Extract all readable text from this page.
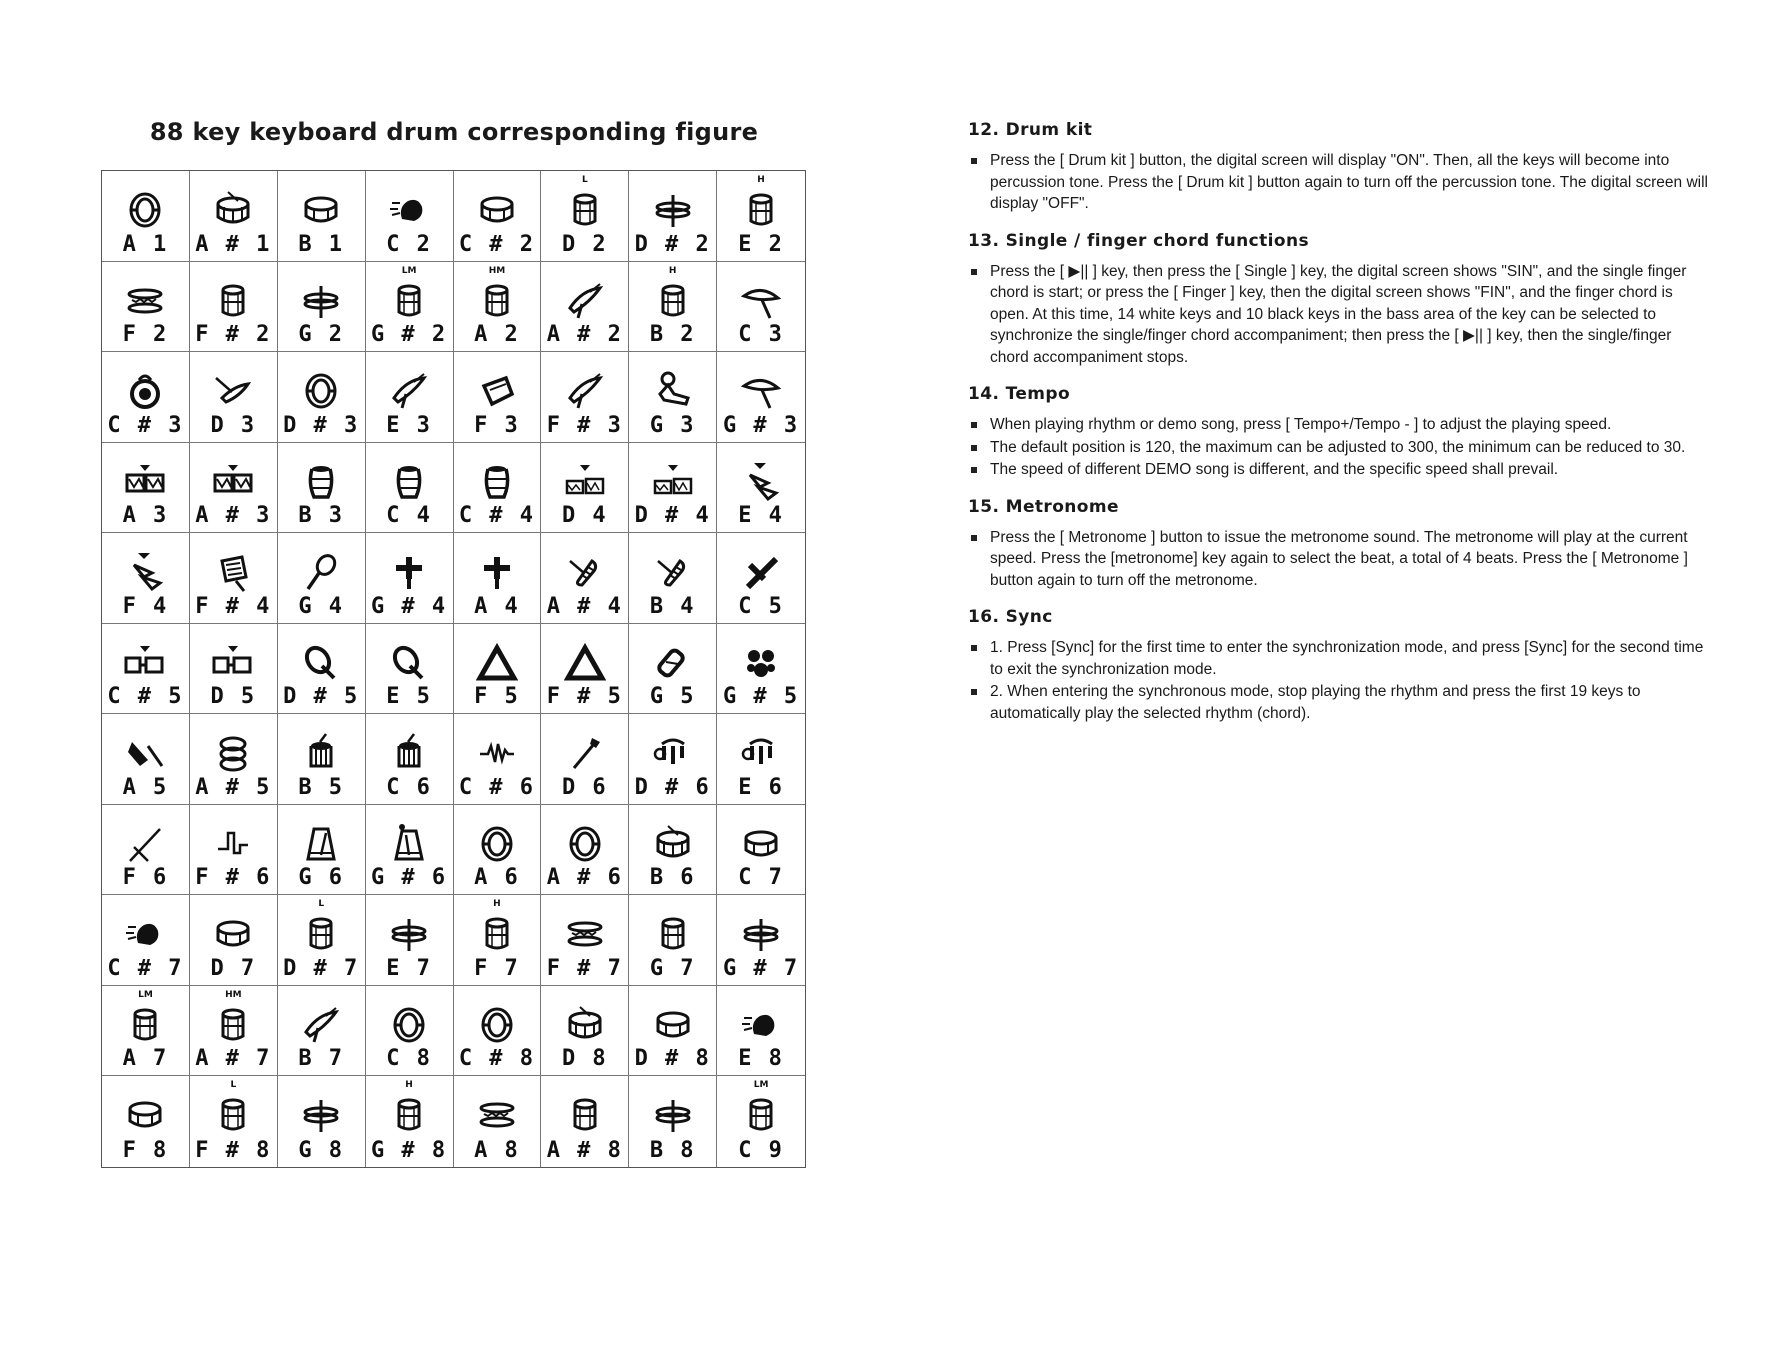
88 key keyboard drum corresponding figure
A 1 A # 1 B 1 C 2 C # 2
L
D 2 D # 2
H
E 2
F 2 F # 2 G 2
LM
G # 2
HM
A 2 A # 2
H
B 2 C 3
C # 3 D 3 D # 3 E 3 F 3 F # 3 G 3 G # 3
A 3 A # 3 B 3 C 4 C # 4 D 4 D # 4 E 4
F 4 F # 4 G 4 G # 4 A 4 A # 4 B 4 C 5
C # 5 D 5 D # 5 E 5 F 5 F # 5 G 5 G # 5
A 5 A # 5 B 5 C 6 C # 6 D 6 D # 6 E 6
F 6 F # 6 G 6 G # 6 A 6 A # 6 B 6 C 7
C # 7 D 7
L
D # 7 E 7
H
F 7 F # 7 G 7 G # 7
LM
A 7
HM
A # 7 B 7 C 8 C # 8 D 8 D # 8 E 8
F 8
L
F # 8 G 8
H
G # 8 A 8 A # 8 B 8
LM
C 9
12. Drum kit
Press the [ Drum kit ] button, the digital screen will display "ON". Then, all the keys will become into percussion tone. Press the [ Drum kit ] button again to turn off the percussion tone. The digital screen will display "OFF".
13. Single / finger chord functions
Press the [ ▶|| ] key, then press the [ Single ] key, the digital screen shows "SIN", and the single finger chord is start; or press the [ Finger ] key, then the digital screen shows "FIN", and the finger chord is open. At this time, 14 white keys and 10 black keys in the bass area of the key can be selected to synchronize the single/finger chord accompaniment; then press the [ ▶|| ] key, then the single/finger chord accompaniment stops.
14. Tempo
When playing rhythm or demo song, press [ Tempo+/Tempo - ] to adjust the playing speed.
The default position is 120, the maximum can be adjusted to 300, the minimum can be reduced to 30.
The speed of different DEMO song is different, and the specific speed shall prevail.
15. Metronome
Press the [ Metronome ] button to issue the metronome sound. The metronome will play at the current speed. Press the [metronome] key again to select the beat, a total of 4 beats. Press the [ Metronome ] button again to turn off the metronome.
16. Sync
1. Press [Sync] for the first time to enter the synchronization mode, and press [Sync] for the second time to exit the synchronization mode.
2. When entering the synchronous mode, stop playing the rhythm and press the first 19 keys to automatically play the selected rhythm (chord).
